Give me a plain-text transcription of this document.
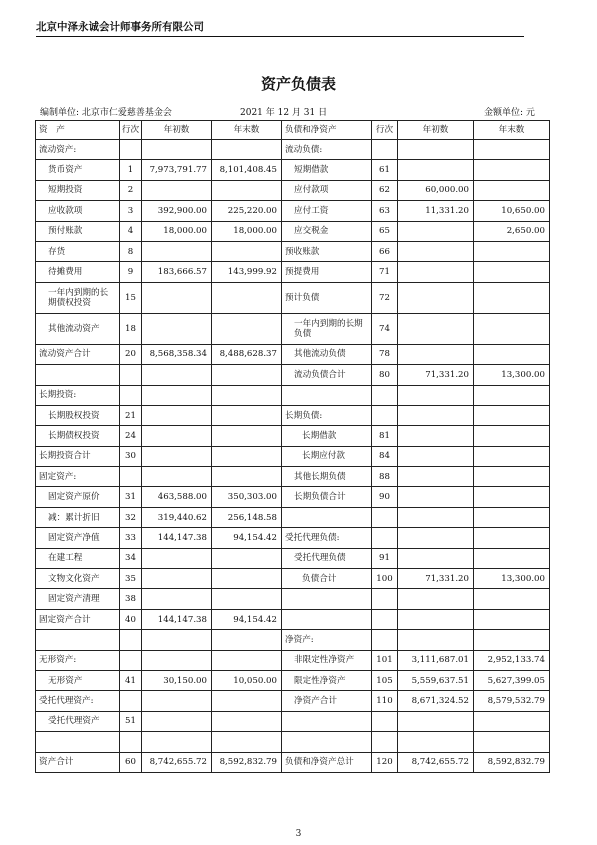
北京中泽永诚会计师事务所有限公司
资产负债表
编制单位: 北京市仁爱慈善基金会	2021 年 12 月 31 日	金额单位: 元
资　产	行次	年初数	年末数	负债和净资产	行次	年初数	年末数
流动资产:				流动负债:			
货币资产	1	7,973,791.77	8,101,408.45	短期借款	61		
短期投资	2			应付款项	62	60,000.00	
应收款项	3	392,900.00	225,220.00	应付工资	63	11,331.20	10,650.00
预付账款	4	18,000.00	18,000.00	应交税金	65		2,650.00
存货	8			预收账款	66		
待摊费用	9	183,666.57	143,999.92	预提费用	71		
一年内到期的长期债权投资	15			预计负债	72		
其他流动资产	18			一年内到期的长期负债	74		
流动资产合计	20	8,568,358.34	8,488,628.37	其他流动负债	78		
				流动负债合计	80	71,331.20	13,300.00
长期投资:							
长期股权投资	21			长期负债:			
长期债权投资	24			长期借款	81		
长期投资合计	30			长期应付款	84		
固定资产:				其他长期负债	88		
固定资产原价	31	463,588.00	350,303.00	长期负债合计	90		
减：累计折旧	32	319,440.62	256,148.58				
固定资产净值	33	144,147.38	94,154.42	受托代理负债:			
在建工程	34			受托代理负债	91		
文物文化资产	35			负债合计	100	71,331.20	13,300.00
固定资产清理	38						
固定资产合计	40	144,147.38	94,154.42				
				净资产:			
无形资产:				非限定性净资产	101	3,111,687.01	2,952,133.74
无形资产	41	30,150.00	10,050.00	限定性净资产	105	5,559,637.51	5,627,399.05
受托代理资产:				净资产合计	110	8,671,324.52	8,579,532.79
受托代理资产	51						

资产合计	60	8,742,655.72	8,592,832.79	负债和净资产总计	120	8,742,655.72	8,592,832.79
3
